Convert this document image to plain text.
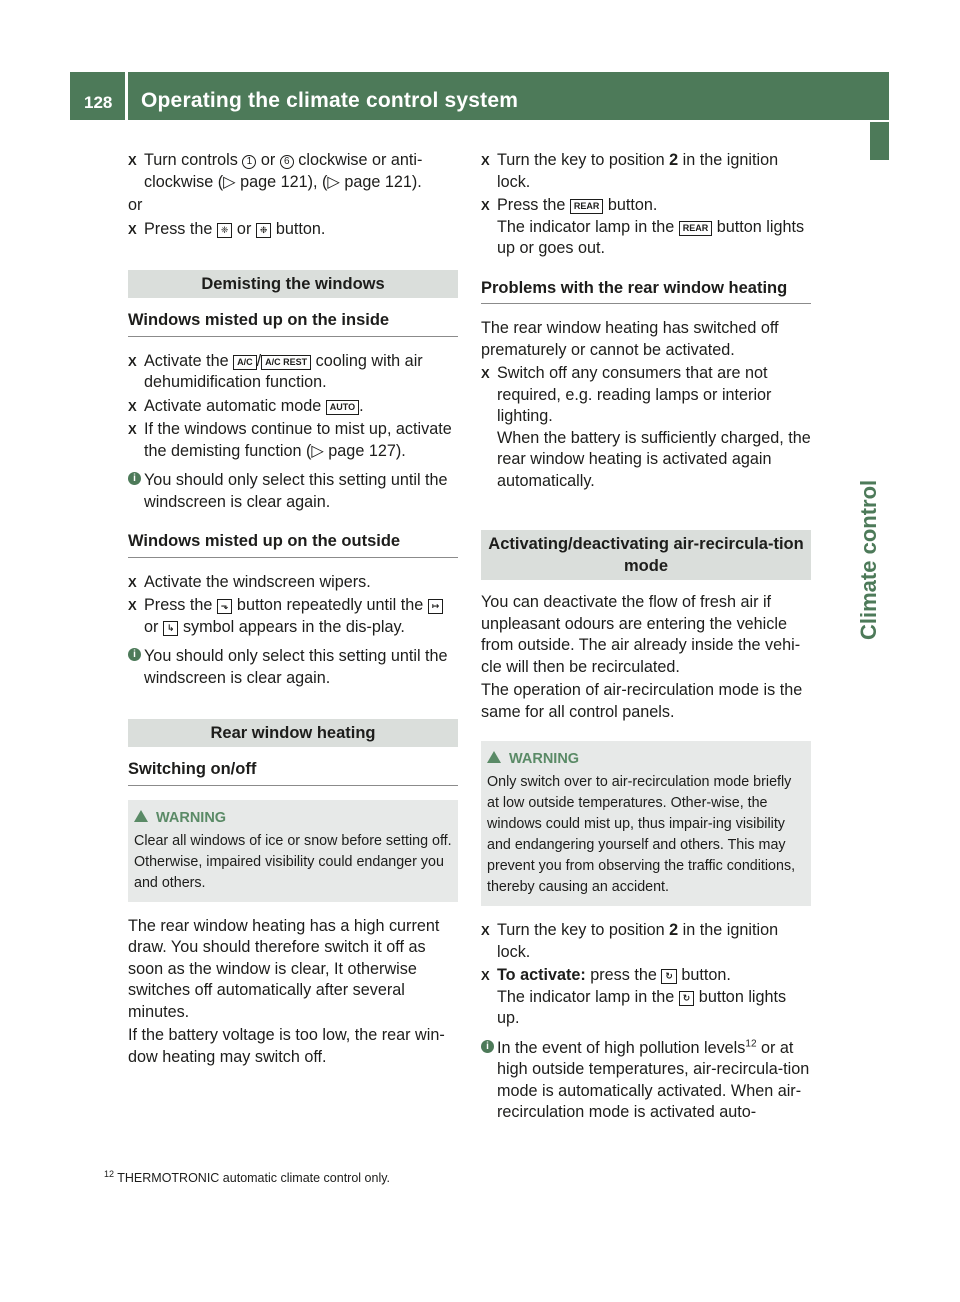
128 Operating the climate control system
Climate control
X Turn controls 1 or 6 clockwise or anti-clockwise (▷ page 121), (▷ page 121).
or
X Press the ❈ or ❉ button.
Demisting the windows
Windows misted up on the inside
X Activate the A/C / A/C REST cooling with air dehumidification function.
X Activate automatic mode AUTO .
X If the windows continue to mist up, activate the demisting function (▷ page 127).
i You should only select this setting until the windscreen is clear again.
Windows misted up on the outside
X Activate the windscreen wipers.
X Press the ⬎ button repeatedly until the ↦ or ↳ symbol appears in the dis-play.
i You should only select this setting until the windscreen is clear again.
Rear window heating
Switching on/off
WARNING
Clear all windows of ice or snow before setting off. Otherwise, impaired visibility could endanger you and others.
The rear window heating has a high current draw. You should therefore switch it off as soon as the window is clear, It otherwise switches off automatically after several minutes.
If the battery voltage is too low, the rear win-dow heating may switch off.
X Turn the key to position 2 in the ignition lock.
X Press the REAR button.
The indicator lamp in the REAR button lights up or goes out.
Problems with the rear window heating
The rear window heating has switched off prematurely or cannot be activated.
X Switch off any consumers that are not required, e.g. reading lamps or interior lighting.
When the battery is sufficiently charged, the rear window heating is activated again automatically.
Activating/deactivating air-recircula-tion mode
You can deactivate the flow of fresh air if unpleasant odours are entering the vehicle from outside. The air already inside the vehi-cle will then be recirculated.
The operation of air-recirculation mode is the same for all control panels.
WARNING
Only switch over to air-recirculation mode briefly at low outside temperatures. Other-wise, the windows could mist up, thus impair-ing visibility and endangering yourself and others. This may prevent you from observing the traffic conditions, thereby causing an accident.
X Turn the key to position 2 in the ignition lock.
X To activate: press the ↻ button.
The indicator lamp in the ↻ button lights up.
i In the event of high pollution levels$^{12}$ or at high outside temperatures, air-recircula-tion mode is automatically activated. When air-recirculation mode is activated auto-
$^{12}$ THERMOTRONIC automatic climate control only.
